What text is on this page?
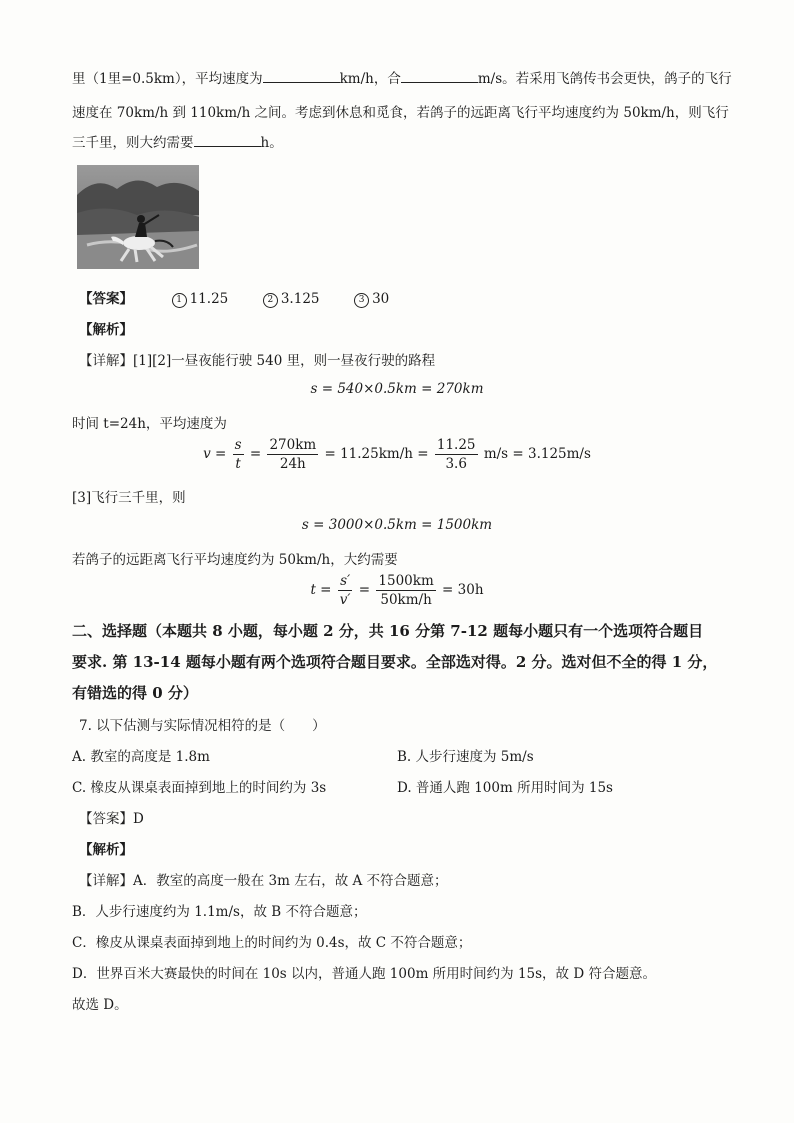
里（1里=0.5km），平均速度为	km/h，合	m/s。若采用飞鸽传书会更快，鸽子的飞行
速度在 70km/h 到 110km/h 之间。考虑到休息和觅食，若鸽子的远距离飞行平均速度约为 50km/h，则飞行
三千里，则大约需要	h。
【答案】	1 11.25	2 3.125	3 30
【解析】
【详解】[1][2]一昼夜能行驶 540 里，则一昼夜行驶的路程
s = 540×0.5km = 270km
时间 t=24h，平均速度为
$v = \frac{s}{t} = \frac{270km}{24h} = 11.25km/h = \frac{11.25}{3.6} m/s = 3.125m/s$
[3]飞行三千里，则
s = 3000×0.5km = 1500km
若鸽子的远距离飞行平均速度约为 50km/h，大约需要
$t = \frac{s'}{v'} = \frac{1500km}{50km/h} = 30h$
二、选择题（本题共 8 小题，每小题 2 分，共 16 分第 7-12 题每小题只有一个选项符合题目
要求. 第 13-14 题每小题有两个选项符合题目要求。全部选对得。2 分。选对但不全的得 1 分，
有错选的得 0 分）
7. 以下估测与实际情况相符的是（　　）
A. 教室的高度是 1.8m	B. 人步行速度为 5m/s
C. 橡皮从课桌表面掉到地上的时间约为 3s	D. 普通人跑 100m 所用时间为 15s
【答案】D
【解析】
【详解】A．教室的高度一般在 3m 左右，故 A 不符合题意；
B．人步行速度约为 1.1m/s，故 B 不符合题意；
C．橡皮从课桌表面掉到地上的时间约为 0.4s，故 C 不符合题意；
D．世界百米大赛最快的时间在 10s 以内，普通人跑 100m 所用时间约为 15s，故 D 符合题意。
故选 D。
